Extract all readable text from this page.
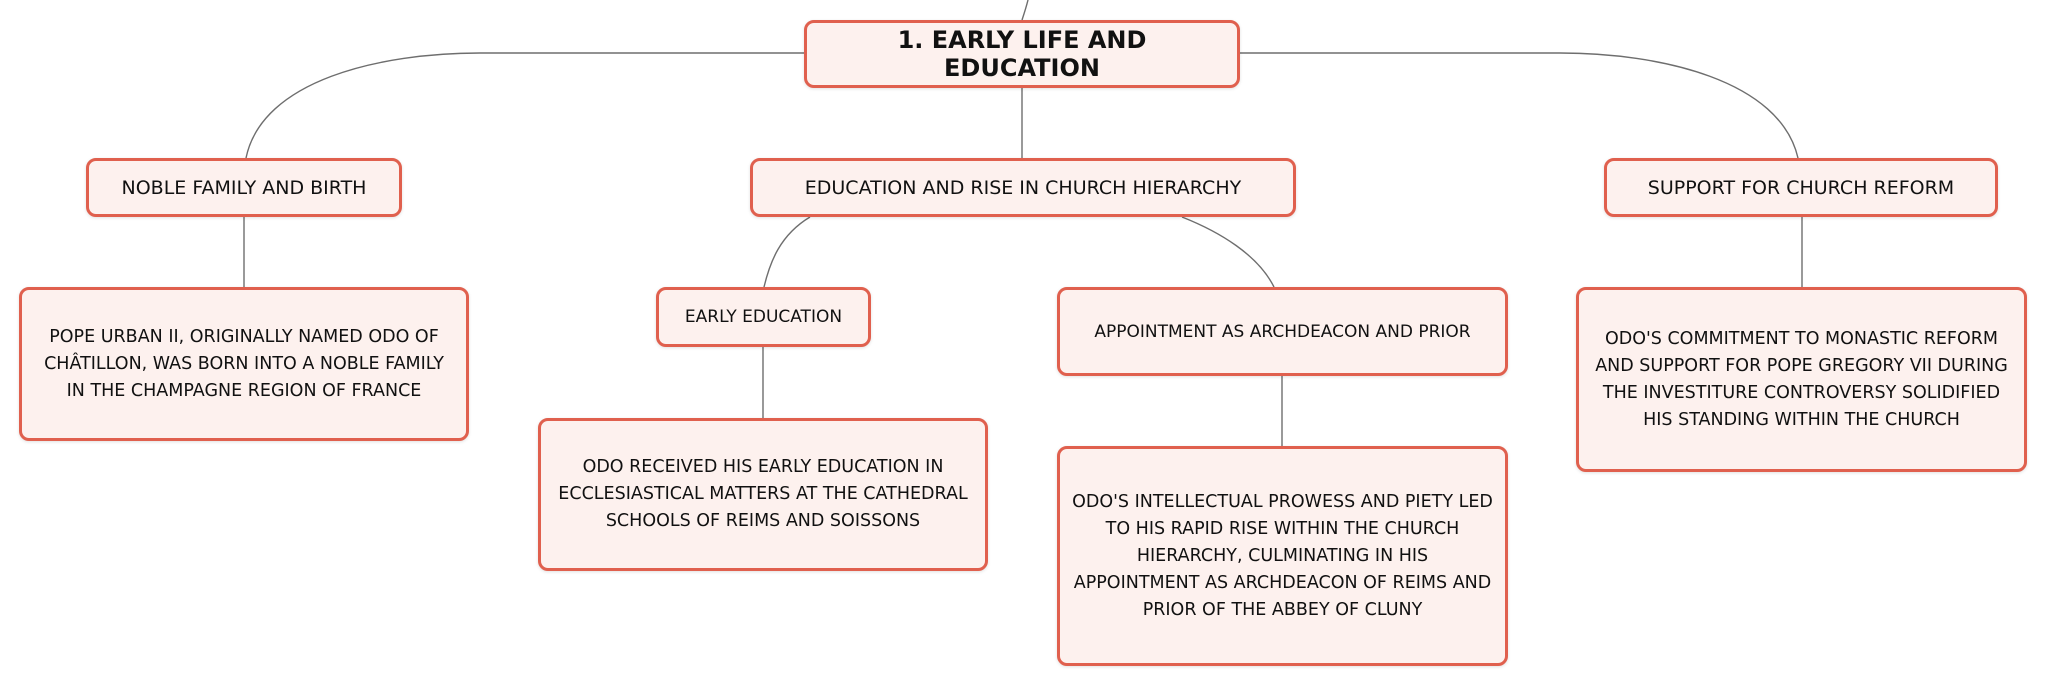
1. EARLY LIFE AND EDUCATION
NOBLE FAMILY AND BIRTH	EDUCATION AND RISE IN CHURCH HIERARCHY	SUPPORT FOR CHURCH REFORM
POPE URBAN II, ORIGINALLY NAMED ODO OF CHÂTILLON, WAS BORN INTO A NOBLE FAMILY IN THE CHAMPAGNE REGION OF FRANCE
EARLY EDUCATION
APPOINTMENT AS ARCHDEACON AND PRIOR	ODO'S COMMITMENT TO MONASTIC REFORM AND SUPPORT FOR POPE GREGORY VII DURING THE INVESTITURE CONTROVERSY SOLIDIFIED HIS STANDING WITHIN THE CHURCH
ODO RECEIVED HIS EARLY EDUCATION IN ECCLESIASTICAL MATTERS AT THE CATHEDRAL SCHOOLS OF REIMS AND SOISSONS
ODO'S INTELLECTUAL PROWESS AND PIETY LED TO HIS RAPID RISE WITHIN THE CHURCH HIERARCHY, CULMINATING IN HIS APPOINTMENT AS ARCHDEACON OF REIMS AND PRIOR OF THE ABBEY OF CLUNY
